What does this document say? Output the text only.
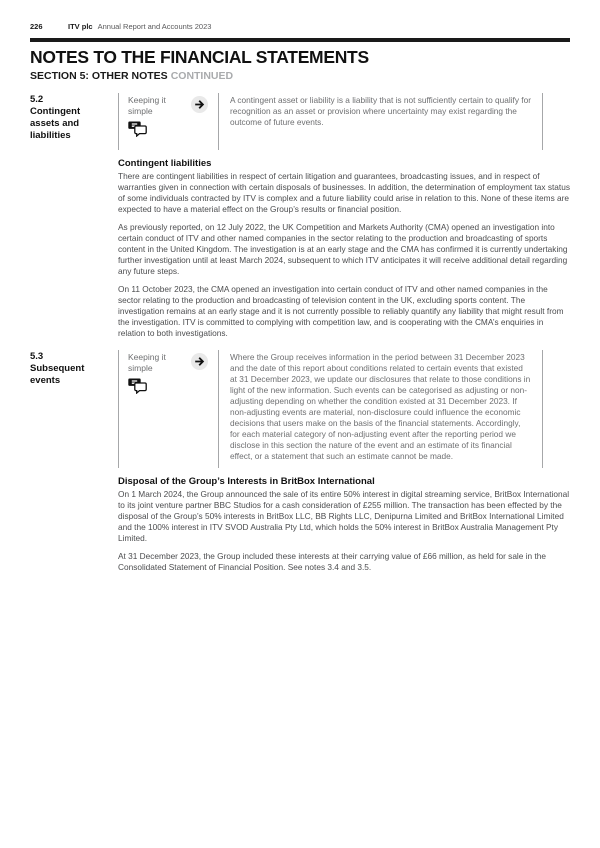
226	ITV plc Annual Report and Accounts 2023
NOTES TO THE FINANCIAL STATEMENTS
SECTION 5: OTHER NOTES CONTINUED
5.2
Contingent assets and liabilities
Keeping it simple
A contingent asset or liability is a liability that is not sufficiently certain to qualify for recognition as an asset or provision where uncertainty may exist regarding the outcome of future events.
Contingent liabilities

There are contingent liabilities in respect of certain litigation and guarantees, broadcasting issues, and in respect of warranties given in connection with certain disposals of businesses. In addition, the determination of employment tax status of some individuals contracted by ITV is complex and a future liability could arise in relation to this. None of these items are expected to have a material effect on the Group’s results or financial position.

As previously reported, on 12 July 2022, the UK Competition and Markets Authority (CMA) opened an investigation into certain conduct of ITV and other named companies in the sector relating to the production and broadcasting of sports content in the United Kingdom. The investigation is at an early stage and the CMA has confirmed it is currently undertaking further investigation until at least March 2024, subsequent to which ITV anticipates it will receive additional detail regarding any future steps.

On 11 October 2023, the CMA opened an investigation into certain conduct of ITV and other named companies in the sector relating to the production and broadcasting of television content in the UK, excluding sports content. The investigation remains at an early stage and it is not currently possible to reliably quantify any liability that might result from the investigation. ITV is committed to complying with competition law, and is cooperating with the CMA’s enquiries in relation to both investigations.

5.3
Subsequent events
Keeping it simple
Where the Group receives information in the period between 31 December 2023 and the date of this report about conditions related to certain events that existed at 31 December 2023, we update our disclosures that relate to those conditions in light of the new information. Such events can be categorised as adjusting or non-adjusting depending on whether the condition existed at 31 December 2023. If non-adjusting events are material, non-disclosure could influence the economic decisions that users make on the basis of the financial statements. Accordingly, for each material category of non-adjusting event after the reporting period we disclose in this section the nature of the event and an estimate of its financial effect, or a statement that such an estimate cannot be made.
Disposal of the Group’s Interests in BritBox International

On 1 March 2024, the Group announced the sale of its entire 50% interest in digital streaming service, BritBox International to its joint venture partner BBC Studios for a cash consideration of £255 million. The transaction has been effected by the disposal of the Group’s 50% interests in BritBox LLC, BB Rights LLC, Denipurna Limited and BritBox International Limited and the 100% interest in ITV SVOD Australia Pty Ltd, which holds the 50% interest in BritBox Australia Management Pty Limited.

At 31 December 2023, the Group included these interests at their carrying value of £66 million, as held for sale in the Consolidated Statement of Financial Position. See notes 3.4 and 3.5.
